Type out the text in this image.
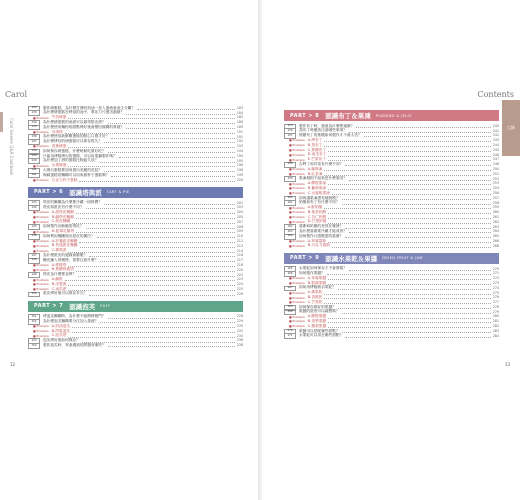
Carol
Carol Sweets Q&A Cookbook
132	製作磅蛋糕，為什麼打發的奶油一加入蛋液會產生分離？	183
133	為什麼磅蛋糕在烤焙的途中，要沾刀片畫出割線？	184
■ Example 牛奶磅蛋	185
134	為什麼磅蛋糕的表面可以做得很光滑？	186
135	為什麼使用麵粉的甜點烤好後會變回濕潤的質地？	189
■ Example 可頌塔	191
136	為什麼使用新鮮雞蛋做的點心口感才好？	191
137	為什麼烤好的磅蛋糕可以保存很久？	192
■ Example 香蕉磅蛋	193
138	如何保存磅蛋糕，什麼時候吃最好吃？	194
139	只能用烤箱烤出的蛋糕，可以用電鍋製作嗎？	194
140	為什麼加了酒的蛋糕比較能久放？	195
■ Example 水果磅蛋	196
141	大理石蛋糕要如何做出美麗的花紋？	198
142	海綿蛋糕的麵糊可以用來做杯子蛋糕嗎？	199
■ Example 巧克力杯子蛋糕	200
PART > 6 認識塔與派 TART & PIE
143	塔皮的麵團為什麼要冷藏一段時間？	202
144	塔皮和派皮有什麼不同？	203
■ Example A.甜塔皮麵團	204
■ Example B.鹹塔皮麵團	205
■ Example C.派皮麵團	207
145	如何製作出酥脆的塔皮？	208
■ Example D.藍莓乳酪塔	209
146	如何利用麵團做出派皮的層次？	210
■ Example A.折疊派皮麵團	212
■ Example B.快速派皮麵團	213
■ Example C.蘋果派	214
147	為什麼派皮的邊緣會膨脹？	216
148	麵皮鋪入塔模時，需要注意什麼？	217
■ Example A.檸檬塔	218
■ Example B.焦糖核桃塔	220
149	塔皮為什麼要盲烤？	222
■ Example A.鹹派	223
■ Example B.洋蔥派	224
■ Example C.南瓜派	225
150	派皮烤好後可以保存多久？	226
PART > 7 認識泡芙 PUFF
151	烤泡芙麵糊時，為什麼不能開烤箱門？	228
152	為什麼泡芙麵糊要分次加入蛋液？	229
■ Example A.奶油泡芙	230
■ Example B.閃電泡芙	232
■ Example C.泡芙塔	234
153	泡芙烤好後如何保存？	236
154	製作泡芙時，常會遇到的問題有哪些？	238
12
Contents
目錄
PART > 8 認識布丁＆果凍 PUDDING & JELLY
155	製作布丁時，蛋液為什麼要過篩？	240
156	蒸布丁時應該注意哪些事項？	241
157	焦糖布丁的焦糖如何製作才不會太苦？	242
■ Example A.烤布丁	243
■ Example B.蒸布丁	244
■ Example C.焦糖布丁	245
■ Example D.南瓜布丁	246
■ Example E.芒果布丁	247
158	吉利丁和洋菜有什麼不同？	248
■ Example A.咖啡凍	250
■ Example B.紅茶凍	251
159	果凍凝固不起來是什麼原因？	252
■ Example A.柳橙果凍	253
■ Example B.葡萄果凍	254
■ Example C.水蜜桃果凍	256
160	如何讓果凍漂亮地脫模？	257
161	奶酪和布丁有什麼不同？	258
■ Example A.鮮奶酪	259
■ Example B.抹茶奶酪	260
■ Example C.杏仁奶酪	261
■ Example D.芒果奶酪	262
162	慕斯和奶酪的差別在哪裡？	263
163	為什麼慕斯要冷藏才能成形？	264
164	如何製作口感輕盈的慕斯？	265
■ Example A.草莓慕斯	266
■ Example B.巧克力慕斯	268
PART > 9 認識水果乾＆果醬 DRIED FRUIT & JAM
165	水果乾如何保存才不會發霉？	270
166	如何製作果醬？	271
■ Example A.草莓果醬	272
■ Example B.藍莓果醬	273
167	如何用烤箱做水果乾？	274
■ Example A.蘋果乾	275
■ Example B.香蕉乾	276
■ Example C.芒果乾	277
168	如何保存做好的果醬？	278
169	果醬的甜度可以調整嗎？	279
■ Example A.柳橙果醬	280
■ Example B.奇異果醬	281
■ Example C.鳳梨果醬	282
170	果醬可以搭配哪些甜點？	283
171	水果乾可以用在哪些甜點？	284
13
